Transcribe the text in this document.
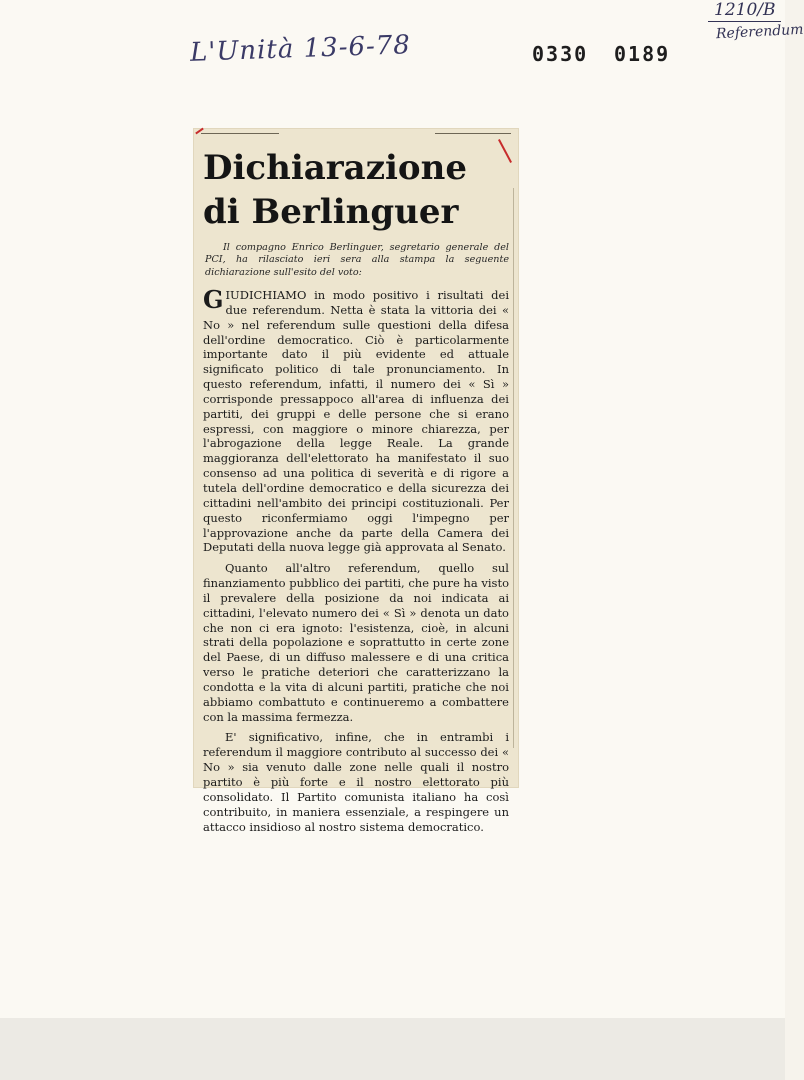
L'Unità 13-6-78	0330 0189
1210/B
Referendum
Dichiarazione di Berlinguer

Il compagno Enrico Berlinguer, segretario generale del PCI, ha rilasciato ieri sera alla stampa la seguente dichiarazione sull'esito del voto:

GIUDICHIAMO in modo positivo i risultati dei due referendum. Netta è stata la vittoria dei « No » nel referendum sulle questioni della difesa dell'ordine democratico. Ciò è particolarmente importante dato il più evidente ed attuale significato politico di tale pronunciamento. In questo referendum, infatti, il numero dei « Sì » corrisponde pressappoco all'area di influenza dei partiti, dei gruppi e delle persone che si erano espressi, con maggiore o minore chiarezza, per l'abrogazione della legge Reale. La grande maggioranza dell'elettorato ha manifestato il suo consenso ad una politica di severità e di rigore a tutela dell'ordine democratico e della sicurezza dei cittadini nell'ambito dei principi costituzionali. Per questo riconfermiamo oggi l'impegno per l'approvazione anche da parte della Camera dei Deputati della nuova legge già approvata al Senato.

Quanto all'altro referendum, quello sul finanziamento pubblico dei partiti, che pure ha visto il prevalere della posizione da noi indicata ai cittadini, l'elevato numero dei « Sì » denota un dato che non ci era ignoto: l'esistenza, cioè, in alcuni strati della popolazione e soprattutto in certe zone del Paese, di un diffuso malessere e di una critica verso le pratiche deteriori che caratterizzano la condotta e la vita di alcuni partiti, pratiche che noi abbiamo combattuto e continueremo a combattere con la massima fermezza.

E' significativo, infine, che in entrambi i referendum il maggiore contributo al successo dei « No » sia venuto dalle zone nelle quali il nostro partito è più forte e il nostro elettorato più consolidato. Il Partito comunista italiano ha così contribuito, in maniera essenziale, a respingere un attacco insidioso al nostro sistema democratico.
